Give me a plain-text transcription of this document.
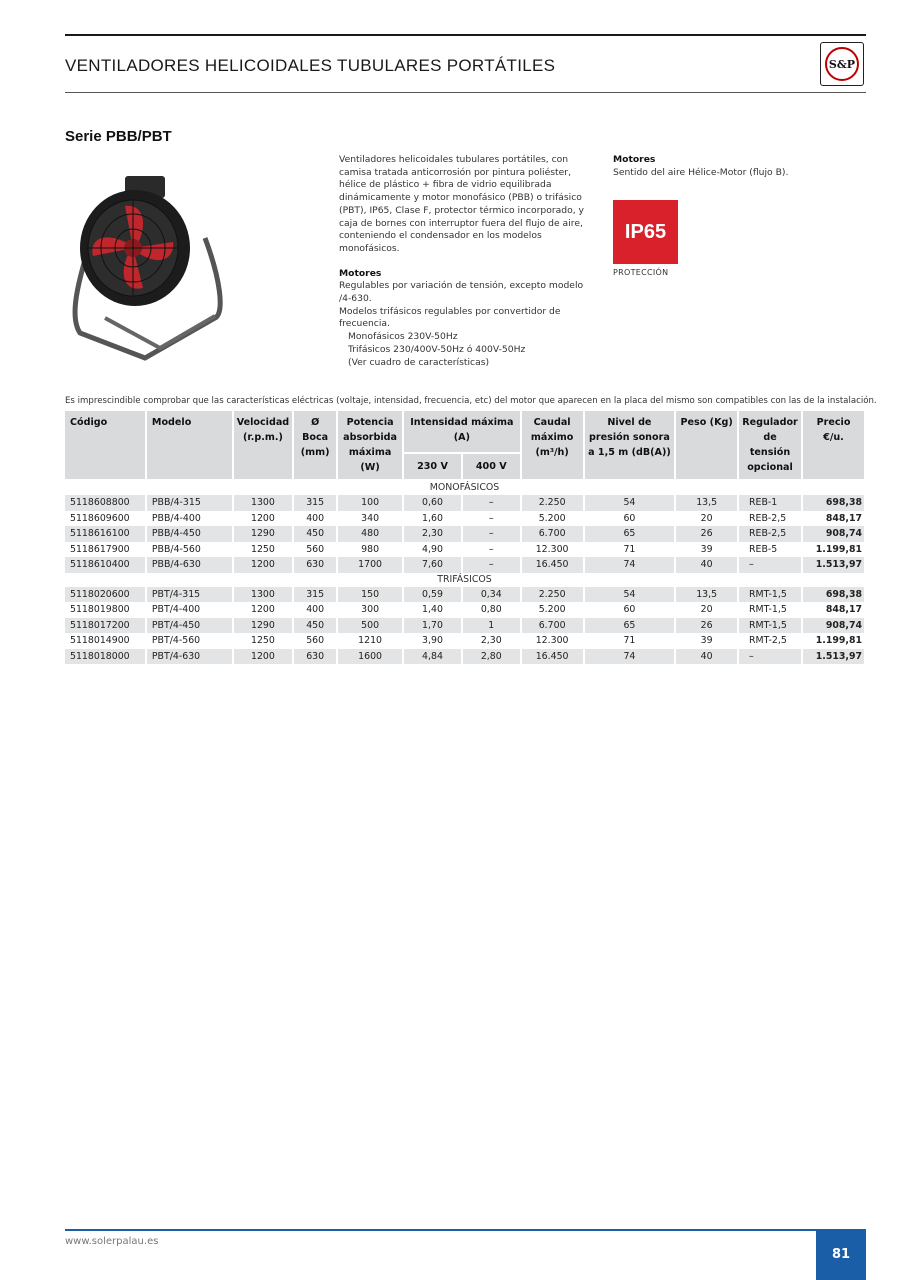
VENTILADORES HELICOIDALES TUBULARES PORTÁTILES	S&P
Serie PBB/PBT

Ventiladores helicoidales tubulares portátiles, con camisa tratada anticorrosión por pintura poliéster, hélice de plástico + fibra de vidrio equilibrada dinámicamente y motor monofásico (PBB) o trifásico (PBT), IP65, Clase F, protector térmico incorporado, y caja de bornes con interruptor fuera del flujo de aire, conteniendo el condensador en los modelos monofásicos.

Motores

Regulables por variación de tensión, excepto modelo /4-630.

Modelos trifásicos regulables por convertidor de frecuencia.

Monofásicos 230V-50Hz

Trifásicos 230/400V-50Hz ó 400V-50Hz

(Ver cuadro de características)

Motores
Sentido del aire Hélice-Motor (flujo B).
IP65
PROTECCIÓN
Es imprescindible comprobar que las características eléctricas (voltaje, intensidad, frecuencia, etc) del motor que aparecen en la placa del mismo son compatibles con las de la instalación.
Código	Modelo	Velocidad (r.p.m.)	Ø Boca (mm)	Potencia absorbida máxima (W)	Intensidad máxima (A)		Caudal máximo (m³/h)	Nivel de presión sonora a 1,5 m (dB(A))	Peso (Kg)	Regulador de tensión opcional	Precio €/u.
					230 V	400 V					
MONOFÁSICOS											
5118608800	PBB/4-315	1300	315	100	0,60	–	2.250	54	13,5	REB-1	698,38
5118609600	PBB/4-400	1200	400	340	1,60	–	5.200	60	20	REB-2,5	848,17
5118616100	PBB/4-450	1290	450	480	2,30	–	6.700	65	26	REB-2,5	908,74
5118617900	PBB/4-560	1250	560	980	4,90	–	12.300	71	39	REB-5	1.199,81
5118610400	PBB/4-630	1200	630	1700	7,60	–	16.450	74	40	–	1.513,97
TRIFÁSICOS											
5118020600	PBT/4-315	1300	315	150	0,59	0,34	2.250	54	13,5	RMT-1,5	698,38
5118019800	PBT/4-400	1200	400	300	1,40	0,80	5.200	60	20	RMT-1,5	848,17
5118017200	PBT/4-450	1290	450	500	1,70	1	6.700	65	26	RMT-1,5	908,74
5118014900	PBT/4-560	1250	560	1210	3,90	2,30	12.300	71	39	RMT-2,5	1.199,81
5118018000	PBT/4-630	1200	630	1600	4,84	2,80	16.450	74	40	–	1.513,97
www.solerpalau.es
81
